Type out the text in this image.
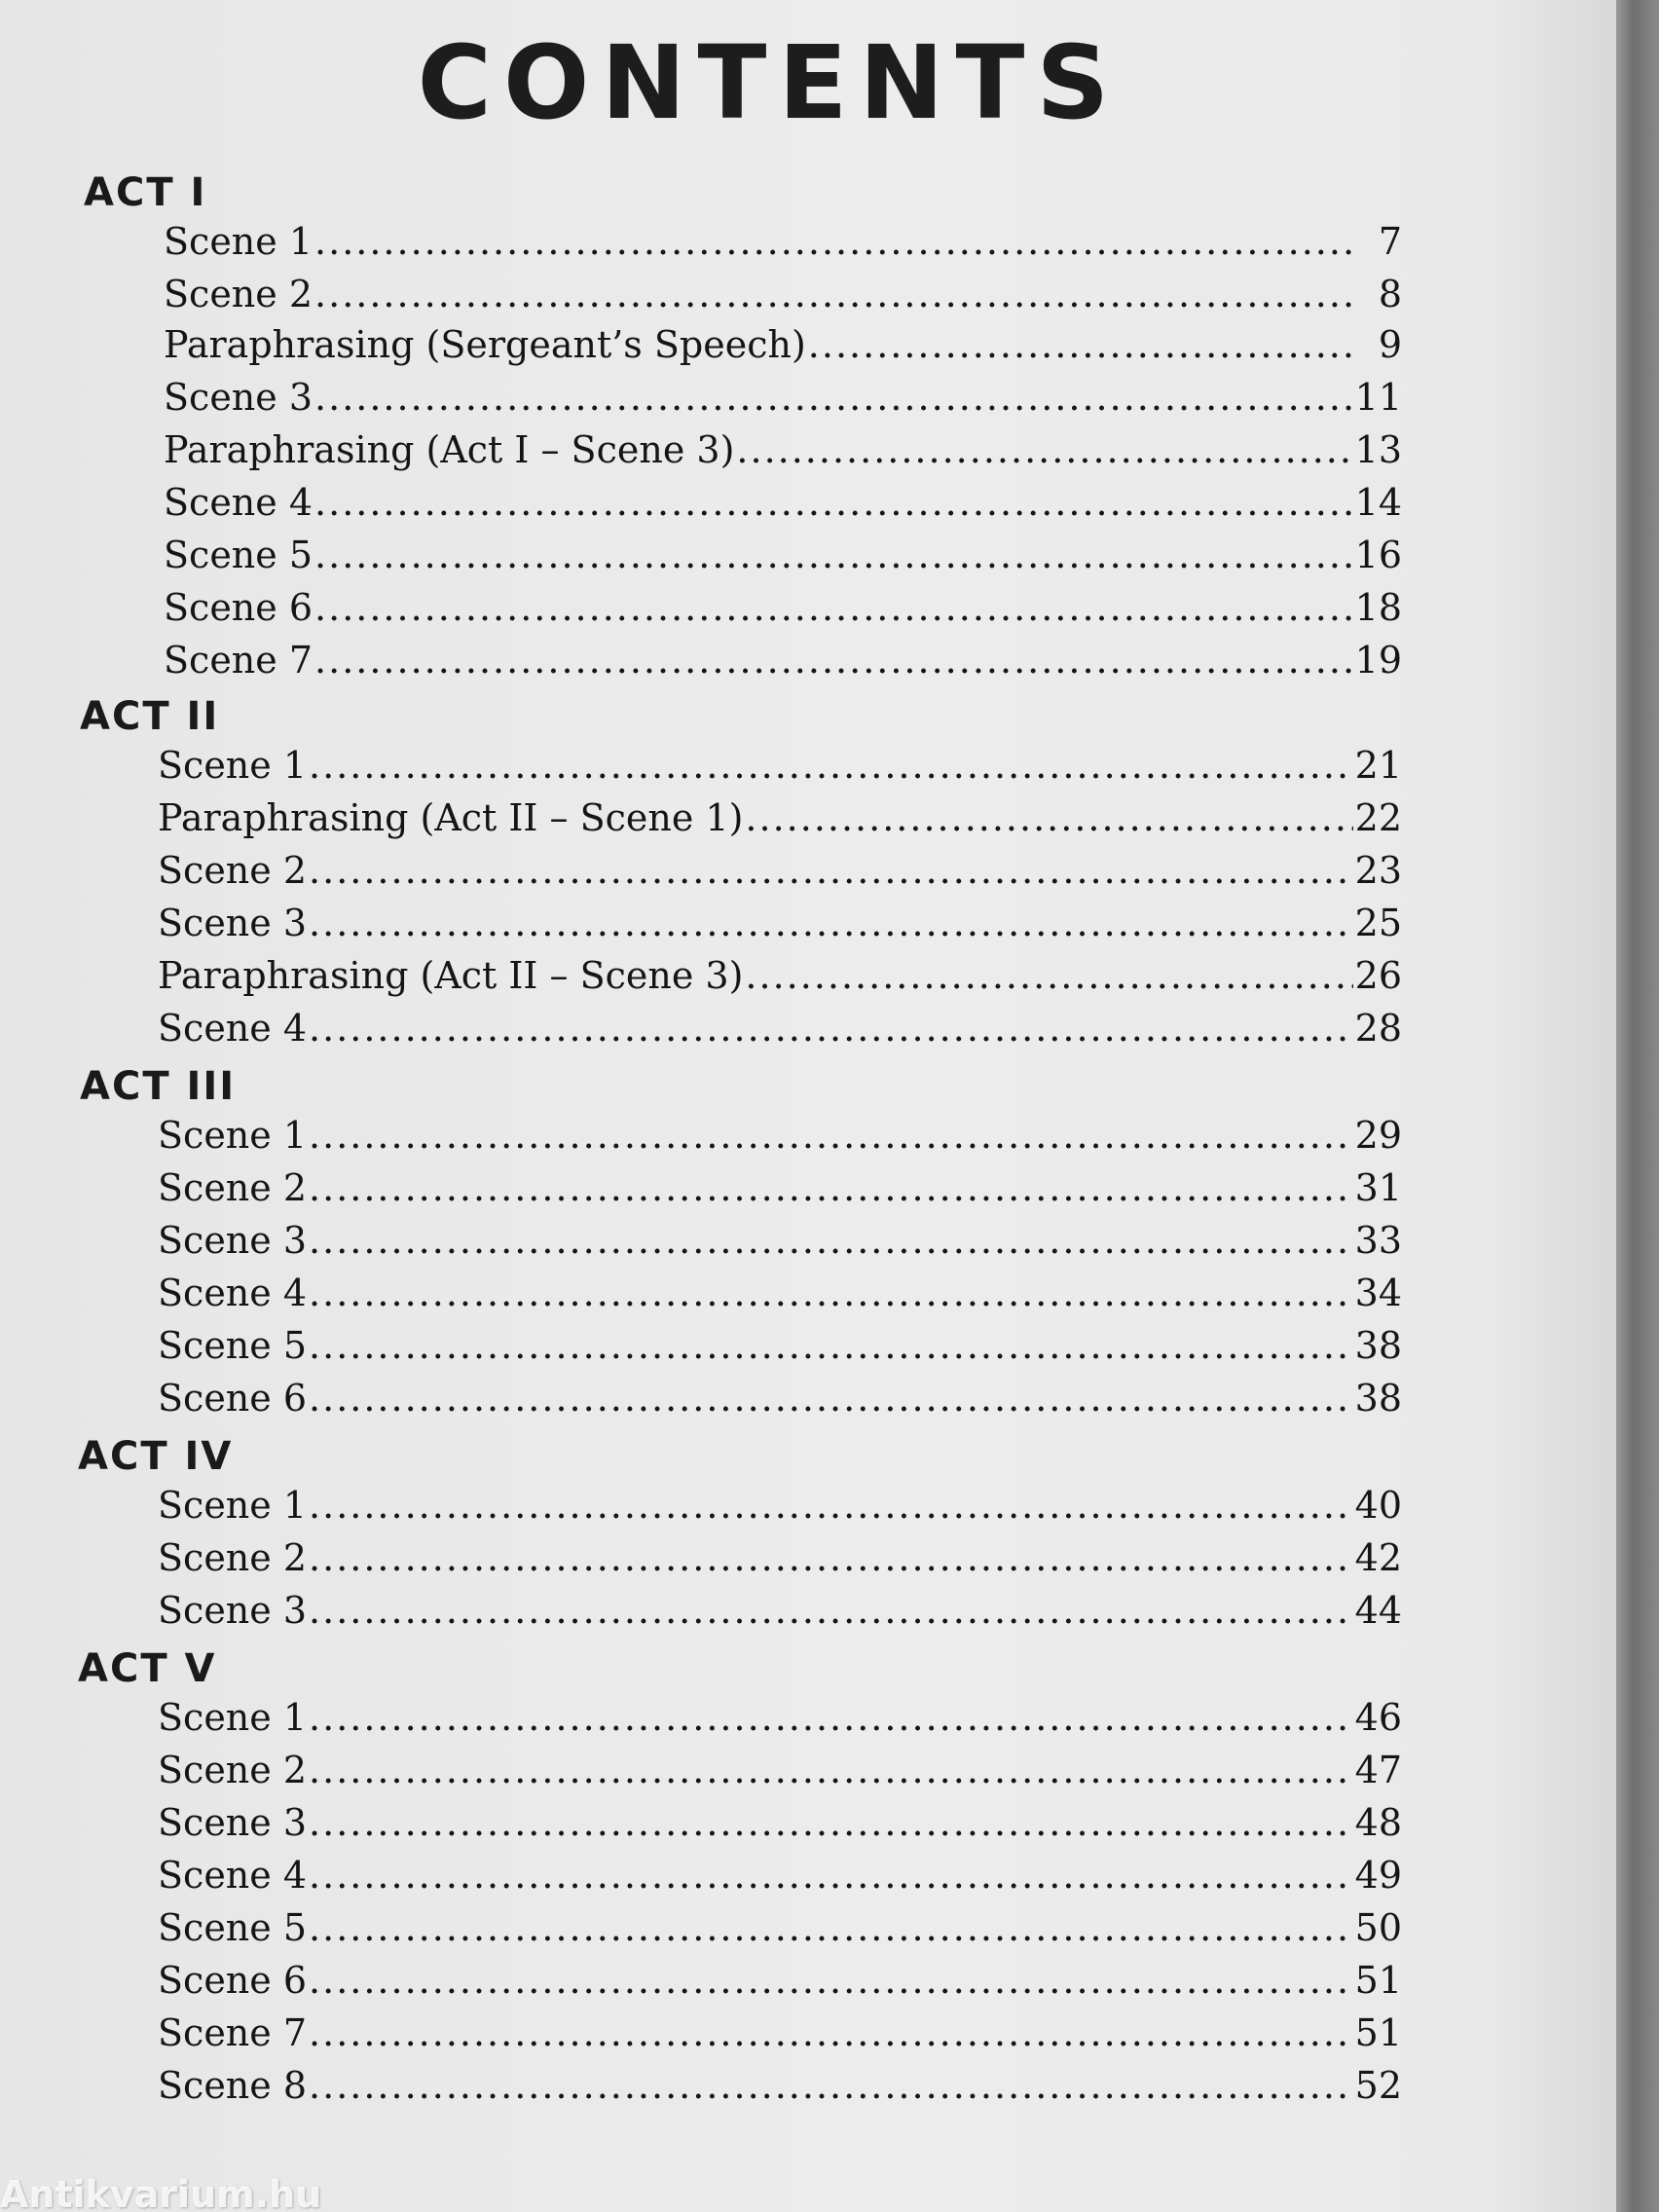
CONTENTS
ACT I
Scene 1 .....	7
Scene 2 .....	8
Paraphrasing (Sergeant’s Speech) .....	9
Scene 3 .....	11
Paraphrasing (Act I – Scene 3) .....	13
Scene 4 .....	14
Scene 5 .....	16
Scene 6 .....	18
Scene 7 .....	19
ACT II
Scene 1 .....	21
Paraphrasing (Act II – Scene 1) .....	22
Scene 2 .....	23
Scene 3 .....	25
Paraphrasing (Act II – Scene 3) .....	26
Scene 4 .....	28
ACT III
Scene 1 .....	29
Scene 2 .....	31
Scene 3 .....	33
Scene 4 .....	34
Scene 5 .....	38
Scene 6 .....	38
ACT IV
Scene 1 .....	40
Scene 2 .....	42
Scene 3 .....	44
ACT V
Scene 1 .....	46
Scene 2 .....	47
Scene 3 .....	48
Scene 4 .....	49
Scene 5 .....	50
Scene 6 .....	51
Scene 7 .....	51
Scene 8 .....	52
Antikvarium.hu
